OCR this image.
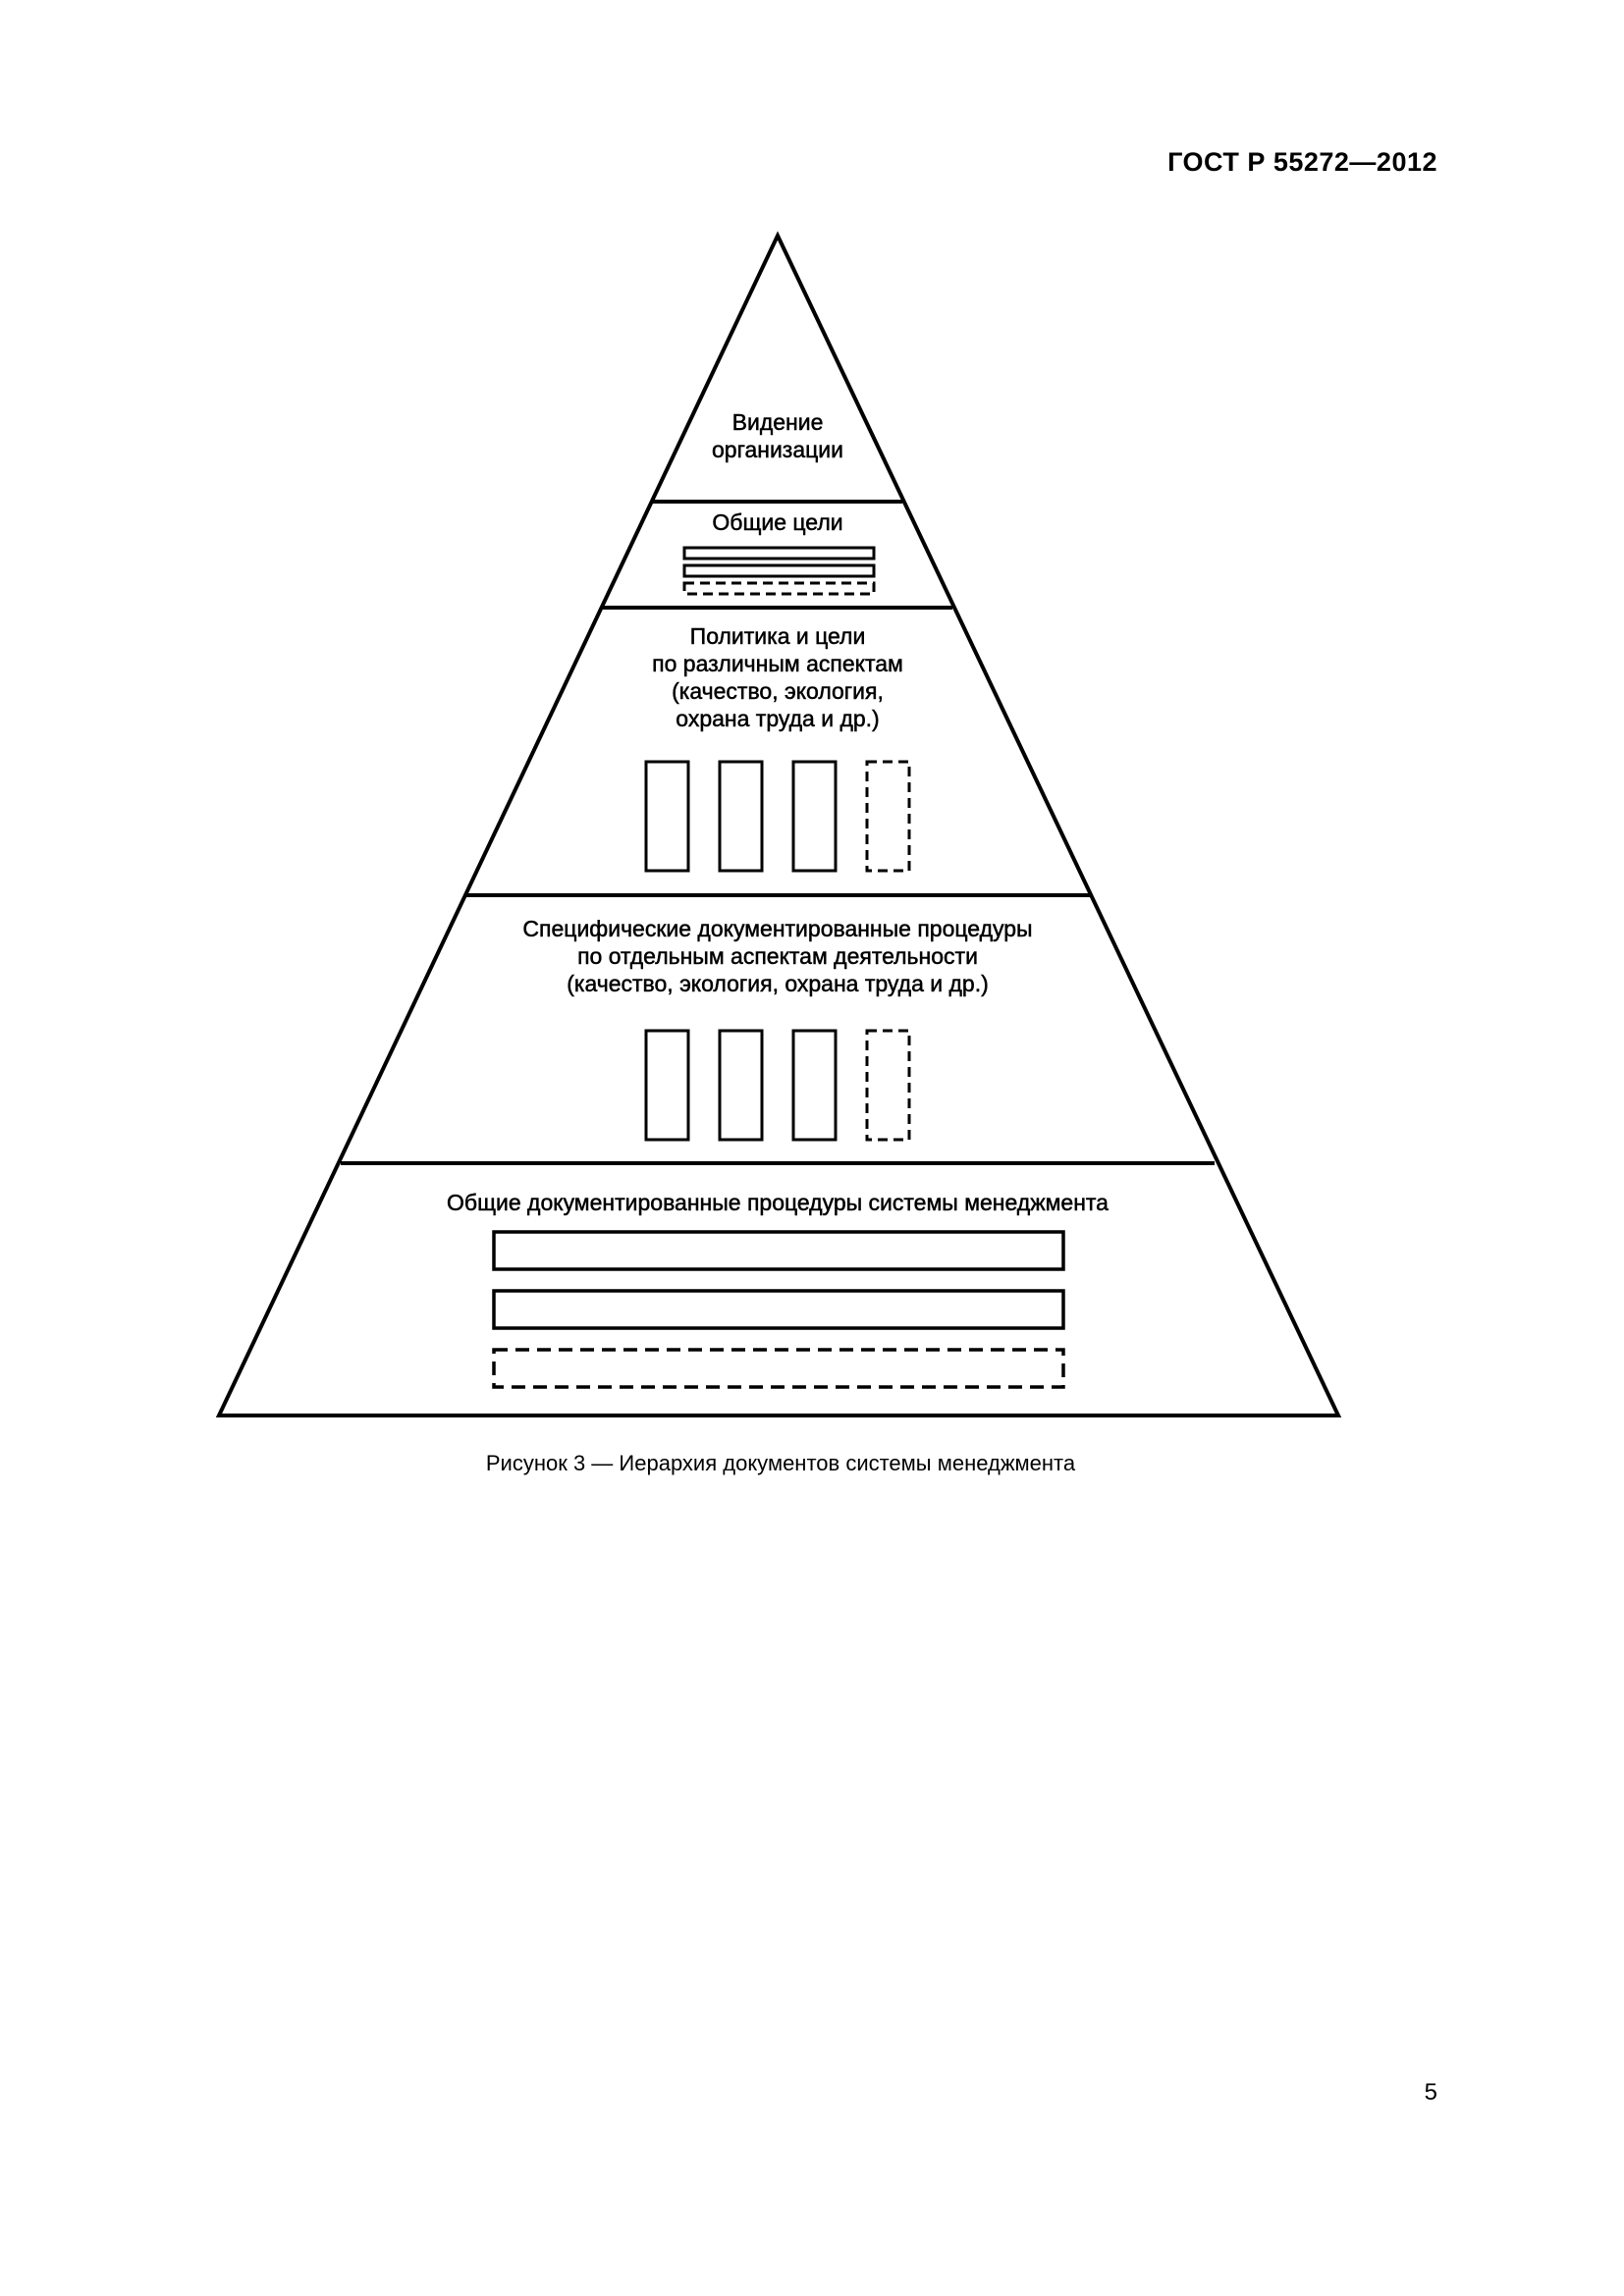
ГОСТ Р 55272—2012
Видение
организации
Общие цели
Политика и цели
по различным аспектам
(качество, экология,
охрана труда и др.)
Специфические документированные процедуры
по отдельным аспектам деятельности
(качество, экология, охрана труда и др.)
Общие документированные процедуры системы менеджмента
Рисунок 3 — Иерархия документов системы менеджмента
5
